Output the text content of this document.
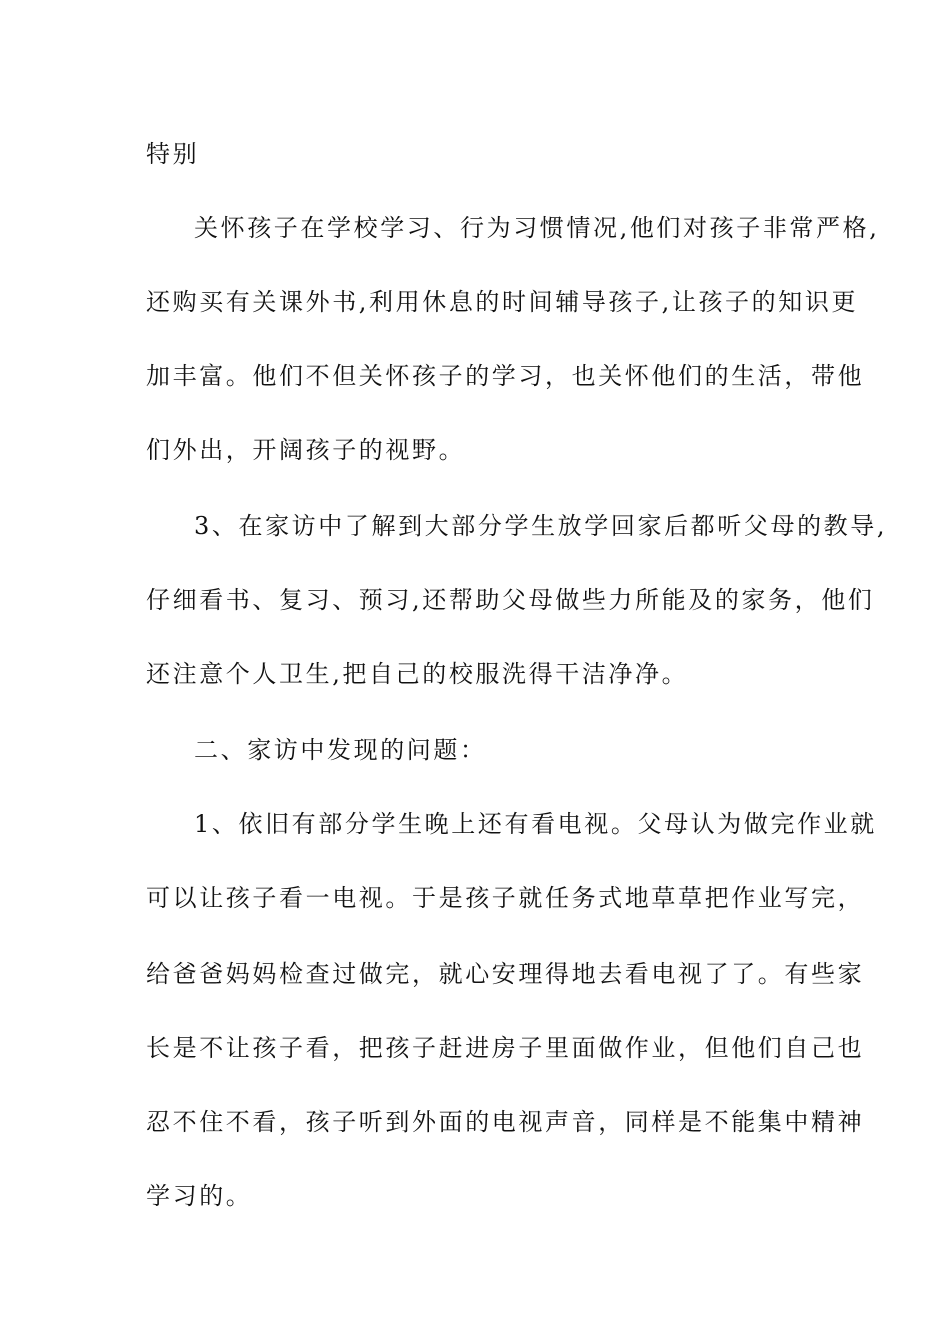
特别
关怀孩子在学校学习、行为习惯情况,他们对孩子非常严格,
还购买有关课外书,利用休息的时间辅导孩子,让孩子的知识更
加丰富。他们不但关怀孩子的学习，也关怀他们的生活，带他
们外出，开阔孩子的视野。
3、在家访中了解到大部分学生放学回家后都听父母的教导,
仔细看书、复习、预习,还帮助父母做些力所能及的家务，他们
还注意个人卫生,把自己的校服洗得干洁净净。
二、家访中发现的问题：
1、依旧有部分学生晚上还有看电视。父母认为做完作业就
可以让孩子看一电视。于是孩子就任务式地草草把作业写完，
给爸爸妈妈检查过做完，就心安理得地去看电视了了。有些家
长是不让孩子看，把孩子赶进房子里面做作业，但他们自己也
忍不住不看，孩子听到外面的电视声音，同样是不能集中精神
学习的。
